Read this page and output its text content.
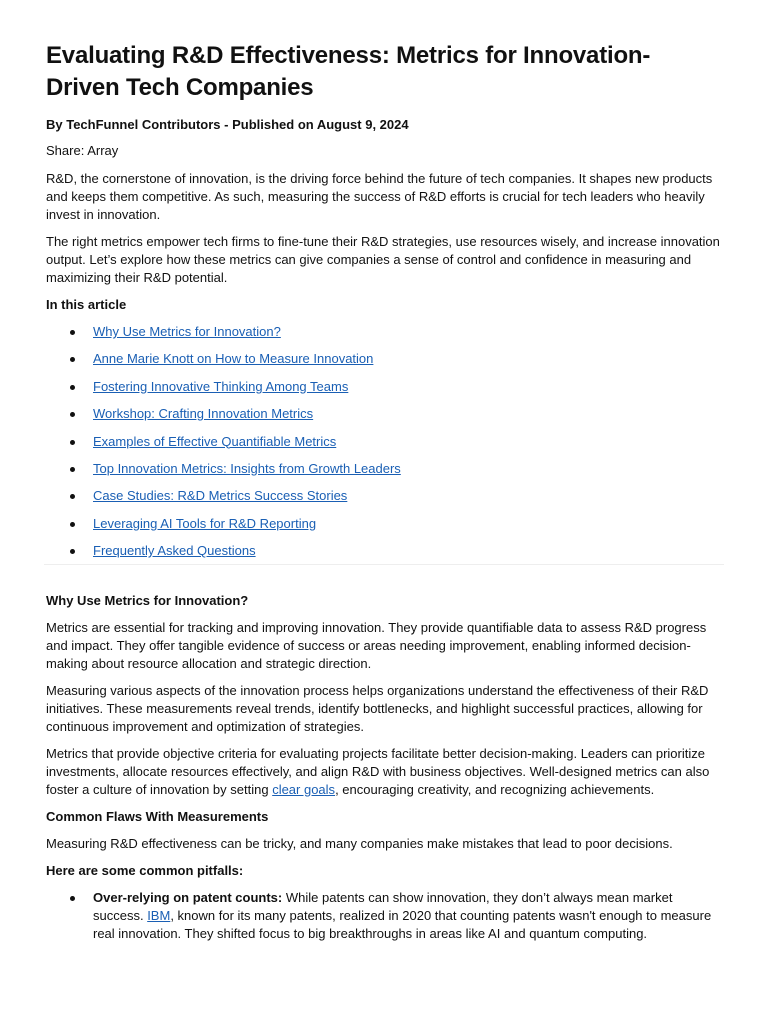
Evaluating R&D Effectiveness: Metrics for Innovation-Driven Tech Companies
By TechFunnel Contributors - Published on August 9, 2024
Share: Array

R&D, the cornerstone of innovation, is the driving force behind the future of tech companies. It shapes new products and keeps them competitive. As such, measuring the success of R&D efforts is crucial for tech leaders who heavily invest in innovation.

The right metrics empower tech firms to fine-tune their R&D strategies, use resources wisely, and increase innovation output. Let’s explore how these metrics can give companies a sense of control and confidence in measuring and maximizing their R&D potential.

In this article
Why Use Metrics for Innovation?
Anne Marie Knott on How to Measure Innovation
Fostering Innovative Thinking Among Teams
Workshop: Crafting Innovation Metrics
Examples of Effective Quantifiable Metrics
Top Innovation Metrics: Insights from Growth Leaders
Case Studies: R&D Metrics Success Stories
Leveraging AI Tools for R&D Reporting
Frequently Asked Questions
Why Use Metrics for Innovation?

Metrics are essential for tracking and improving innovation. They provide quantifiable data to assess R&D progress and impact. They offer tangible evidence of success or areas needing improvement, enabling informed decision-making about resource allocation and strategic direction.

Measuring various aspects of the innovation process helps organizations understand the effectiveness of their R&D initiatives. These measurements reveal trends, identify bottlenecks, and highlight successful practices, allowing for continuous improvement and optimization of strategies.

Metrics that provide objective criteria for evaluating projects facilitate better decision-making. Leaders can prioritize investments, allocate resources effectively, and align R&D with business objectives. Well-designed metrics can also foster a culture of innovation by setting clear goals, encouraging creativity, and recognizing achievements.

Common Flaws With Measurements

Measuring R&D effectiveness can be tricky, and many companies make mistakes that lead to poor decisions.

Here are some common pitfalls:
Over-relying on patent counts: While patents can show innovation, they don’t always mean market success. IBM, known for its many patents, realized in 2020 that counting patents wasn't enough to measure real innovation. They shifted focus to big breakthroughs in areas like AI and quantum computing.
